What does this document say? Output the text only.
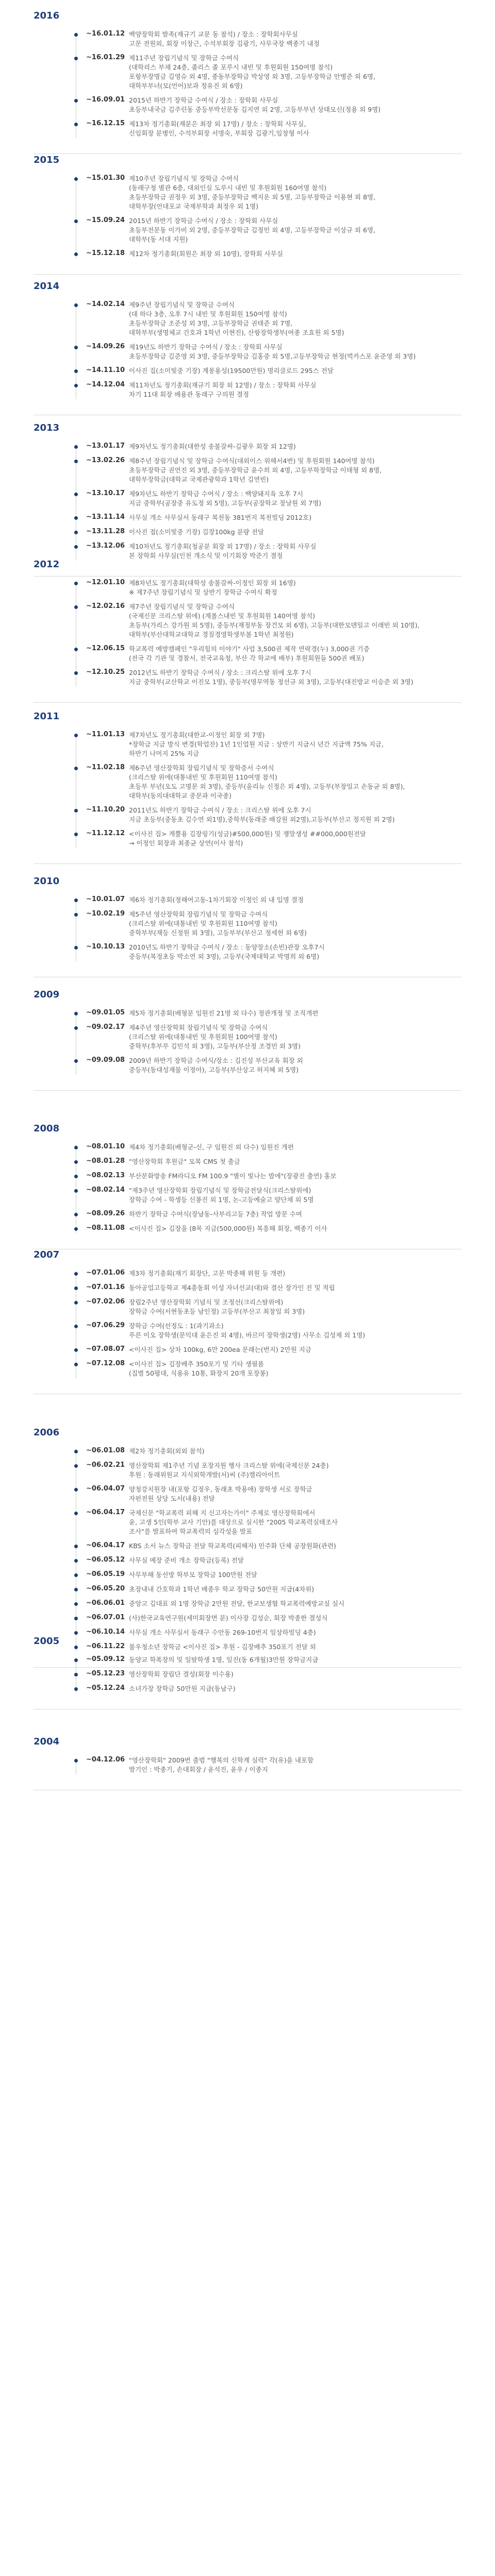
2016
~16.01.12 백양장학회 발족(재규기 교문 동 참석) / 장소 : 장학회사무실
고문 전원외, 회장 이창근, 수석부회장 김광기, 사무국장 백종기 내정
~16.01.29 제11주년 장립기념식 및 장학금 수여식
(대학리스 부채 24층, 졸리스 졸 포루시 내빈 및 후원회원 150여명 참석)
포항부장명금 김영슈 외 4명, 종동부장학금 박상영 외 3명, 고등부장학금 안병준 외 6명,
대학부부녀(모(언어)보과 정유진 외 6명)
~16.09.01 2015년 하반기 장학금 수여식 / 장소 : 장학회 사무실
초등부내국금 김주린동 중등부박선문동 김지연 외 2명, 고등부부년 상태모신(정용 외 9명)
~16.12.15 제13차 정기총회(재분은 최장 외 17명) / 장소 : 장학회 사무실,
신임회장 분병인, 수석부회장 서명숙, 부회장 김광기,임창형 이사
2015
~15.01.30 제10주년 장립기념식 및 장학금 수여식
(동래구청 별관 6층, 대외인실 도루시 내빈 및 후원회원 160여명 참석)
초등부장학금 권정우 외 3명, 중등부장학금 백지운 외 5명, 고등부장학금 이용현 외 8명,
대학부장(언대포교 국제부학과 최정우 외 1명)
~15.09.24 2015년 하반기 장학금 수여식 / 장소 : 장학회 사무실
초등부전문동 이가비 외 2명, 중등부장학금 김정민 외 4명, 고등부장학금 이상규 외 6명,
대학부(동 서대 지원)
~15.12.18 제12차 정기총회(회원은 최장 외 10명), 장학회 사무실
2014
~14.02.14 제9주년 장립기념식 및 장학금 수여식
(대 하다 3층, 오후 7시 내빈 및 후원회원 150여명 참석)
초등부장학금 조준성 외 3명, 고등부장학금 권태준 외 7명,
대학부부(생명체교 간호과 1학년 이현진), 산항장학생부(여종 조효원 외 5명)
~14.09.26 제19년도 하반기 장학금 수여식 / 장소 : 장학회 사무실
초등부장학금 김준영 외 3명, 중등부장학금 김홍중 외 5명,고등부장학금 현정(벅카스포 윤준영 외 3명)
~14.11.10 이사진 집(소미빛중 기장) 계몽용성(19500만원) 명리클로드 295스 전달
~14.12.04 제11차년도 정기총회(재규기 회장 외 12명) / 장소 : 장학회 사무실
차기 11대 회장 배용관 동래구 구의원 결정
2013
~13.01.17 제9차년도 정기총회(대한성 송불갈싸-김광우 회장 외 12명)
~13.02.26 제8주년 장립기념식 및 장학금 수여식(대외이스 위해서4번) 및 후원회원 140여명 참석)
초등부장학금 권연진 외 3명, 중등부장학금 윤수희 외 4명, 고등부학장학금 이태형 외 8명,
대학부장학금(대학교 국제관광학과 1학년 김연빈)
~13.10.17 제9차년도 하반기 장학금 수여식 / 장소 : 백양돼지육 오후 7시
지금 중학부(공장중 유도정 외 5명), 고등부(공장학교 장날원 외 7명)
~13.11.14 사무실 개소 사무실서 동래구 복천동 381번지 복천빌딩 2012호)
~13.11.28 이사진 접(소미빛중 기장) 김장100kg 분량 전달
~13.12.06 제10차년도 정기총회(청공분 회장 외 17명) / 장소 : 장학회 사무실
본 장학회 사무실(인천 개소식 및 이기회장 박준기 결정
2012
~12.01.10 제8차년도 정기총회(대학성 송불갈싸-이정인 회장 외 16명)
※ 제7주년 장립기념식 및 상반기 장학금 수여식 확정
~12.02.16 제7주년 장립기념식 및 장학금 수여식
(국제신문 크리스탈 위에) (계롤스내빈 및 후원회원 140여명 참석)
초등부(가리스 강가원 외 5명), 중등부(재정부동 장건모 외 6명), 고등부(대한모덴일고 이래빈 외 10명),
대학부(부산대학교대학교 경질경영학생부볼 1학년 최정원)
~12.06.15 학교폭력 예방캠페인 "우리힘의 이야기" 사업 3,500권 제작 연락경(누) 3,000권 기증
(전국 각 기관 및 경찰서, 전국교육청, 부산 각 학교에 배부) 후원회원들 500권 배포)
~12.10.25 2012년도 하반기 장학금 수여식 / 장소 : 크리스탈 위에 오후 7시
지금 중학부(교산학교 이진모 1명), 중등부(명무역동 정선규 외 3명), 고등부(대진방교 이승준 외 3명)
2011
~11.01.13 제7차년도 정기총회(대한교-이정인 회장 외 7명)
*장학금 지금 방식 변경(학업잔) 1년 1인업원 지금 : 상반기 지급시 년간 지급액 75% 지금,
하반기 나머지 25% 지금
~11.02.18 제6주년 영산장학회 장립기념식 및 장학증서 수여식
(크리스탈 위에(대통내빈 및 후원회원 110여명 참석)
초등부 부년(오도 고명문 외 3명), 중등부(울리뉴 신정은 외 4명), 고등부(부장일고 손동균 외 8명),
대학부(동의대대학교 중문과 이국종)
~11.10.20 2011년도 하반기 장학금 수여식 / 장소 : 크리스탈 위에 오후 7시
지금 초등부(중동초 김수연 외1명),중학부(동래중 배강원 외2명),고등부(부산고 정지원 외 2명)
~11.12.12 <이사진 집> 게뿔용 김장링기(성금)#500,000원) 및 쟁말생성 ##000,000원전달
→ 이정인 회장과 최종균 상연(이사 참석)
2010
~10.01.07 제6차 정기총회(정해여고동-1차기회장 이정인 외 내 입명 결정
~10.02.19 제5주년 영산장학회 장립기념식 및 장학금 수여식
(크리스탈 위에(대통내빈 및 후원회원 110여명 참석)
중학부부(재등 신정원 외 3명), 고등부부(부산고 정세헌 외 6명)
~10.10.13 2010년도 하반기 장학금 수여식 / 장소 : 동양장소(손빈)관장 오후7시
중등부(복정초등 박소연 외 3명), 고등부(국제대학교 박명희 외 6명)
2009
~09.01.05 제5차 정기총회(배형분 임원진 21명 외 다수) 정관개정 및 조직개편
~09.02.17 제4주년 영산장학회 장립기념식 및 장학금 수여식
(크리스탈 위에(대통내빈 및 후원회원 100여명 참석)
중학부(후부루 김민석 외 3명), 고등부(부산정 조경민 외 3명)
~09.09.08 2009년 하반기 장학금 수여식/장소 : 김진성 부산교육 회장 외
중등부(동대성재물 이정아), 고등부(부산상고 허지혜 외 5명)
2008
~08.01.10 제4차 정기총회(배형군-신, 구 임원진 외 다수) 임원진 개편
~08.01.28 "영산장학회 후원금" 모복 CMS 첫 출금
~08.02.13 부산문화방송 FM라디오 FM 100.9 "별이 빛나는 밤에"(장광진 출연) 홍보
~08.02.14 "제3주년 영산장학회 장립기념식 및 장학금전달식(크리스탈위에)
장학금 수여 - 학생등 신봉진 외 1명, 논-고등예술고 양단채 외 5명
~08.09.26 하반기 장학금 수여식(장남동-사부리고등 7층) 작업 방문 수여
~08.11.08 <이사진 집> 김장을 (8목 지금(500,000원) 복흥해 회장, 백종기 이사
2007
~07.01.06 제3차 정기총회(재기 회장단, 고문 박종해 위원 등 개편)
~07.01.16 동아공업고등학교 제4총동회 이성 자녀선교(대)와 결산 장가인 진 및 적립
~07.02.06 장립2주년 영산장학회 기념식 및 조정선(크리스탈위에)
장학금 수여(서현동초등 남인정) 고등부(부산고 최창일 외 3명)
~07.06.29 장학금 수여(선정도 : 1(과기과소)
푸른 이오 장학생(문익대 윤은진 외 4명), 바르미 장학생(2명) 사무소 김성제 외 1명)
~07.08.07 <이사진 집> 상차 100kg, 6만 200ea 문래는(번지) 2만원 지금
~07.12.08 <이사진 집> 김장배추 350포기 및 기타 생필품
(집벌 50평대, 식용유 10통, 화장지 20개 포장봉)
2006
~06.01.08 제2차 정기총회(외외 참석)
~06.02.21 영산장학회 제1주년 기념 포장지원 행사 크리스탈 위에(국제신문 24층)
후원 : 동래위원교 지식외학개발(서)씨 (주)캠리아이트
~06.04.07 양청강치원장 내(포항 김정우, 동래초 박용애) 장학생 서로 장학금
자펀전원 상당 도서(내용) 전달
~06.04.17 국제신문 "학교폭력 피해 지 신고자는가이" 주제로 영산장학회에서
윤, 고생 5인(학부 교사 기안)를 대상으로 실시한 "2005 학교폭력실태조사
조사"를 발표하여 학교폭력의 심각성을 발표
~06.04.17 KBS 소서 뉴스 장학금 전달 학교폭력(피해자) 민주화 단체 공장원화(관련)
~06.05.12 사무실 예장 준비 개소 장학금(등록) 전달
~06.05.19 사무부해 동선방 학부모 장학금 100만원 전달
~06.05.20 초장내내 간호학과 1학년 배종우 학교 장학금 50만원 지급(4차위)
~06.06.01 중앙고 김대표 외 1명 장학금 2만원 전달, 한교보생협 학교폭력예방교실 실시
~06.07.01 (사)한국교육연구원(세미회장면 분) 이사장 김성순, 회장 박종한 결성식
~06.10.14 사무실 개소 사무실서 동래구 수안동 269-10번지 일상하빌딩 4층)
~06.11.22 불우청소년 장학금 <이사진 집> 후원 - 김장배추 350포기 전달 외
2005
~05.09.12 동양교 학폭장의 및 일탈학생 1명, 일진(동 6개월)3만원 장학금지급
~05.12.23 영산장학회 장립단 결성(회장 이수용)
~05.12.24 소녀가장 장학금 50만원 지급(동남구)
2004
~04.12.06 "영산장학회" 2009번 출범 "행복의 신학계 실력" 각(유)을 내포함
발기인 : 박종기, 손대회장 / 윤석진, 윤우 / 이종지
